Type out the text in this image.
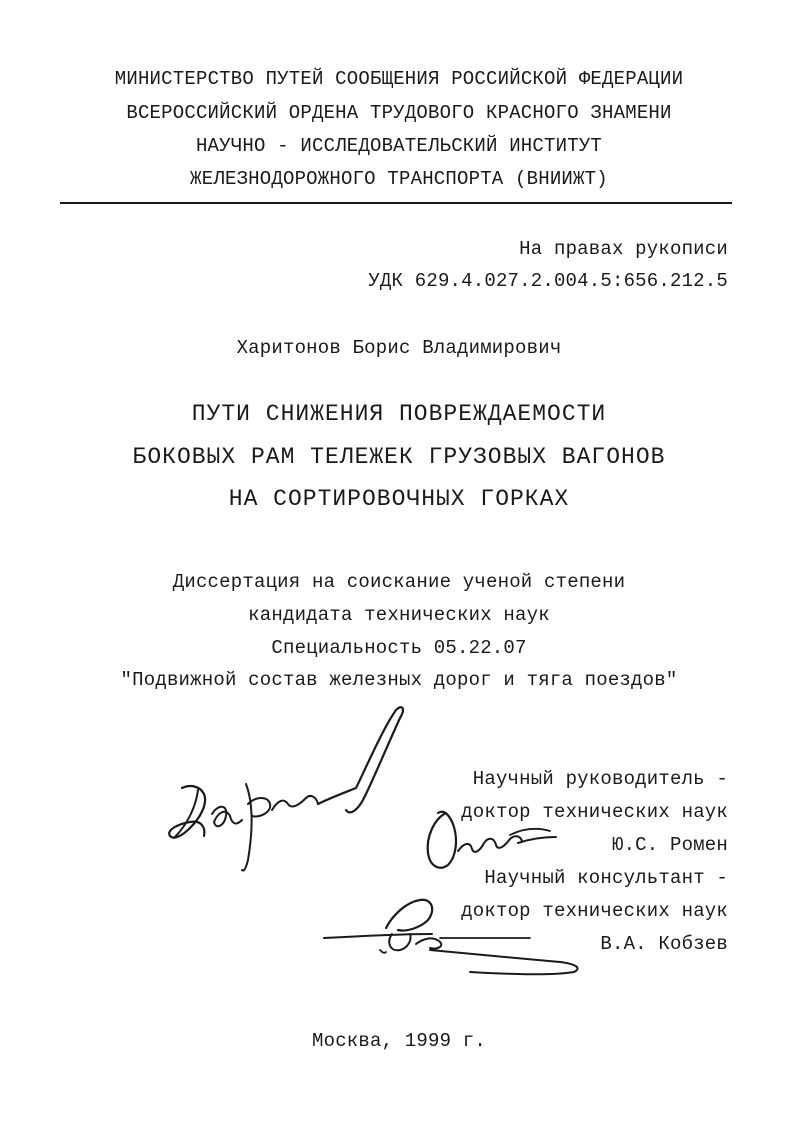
МИНИСТЕРСТВО ПУТЕЙ СООБЩЕНИЯ РОССИЙСКОЙ ФЕДЕРАЦИИ
ВСЕРОССИЙСКИЙ ОРДЕНА ТРУДОВОГО КРАСНОГО ЗНАМЕНИ
НАУЧНО - ИССЛЕДОВАТЕЛЬСКИЙ ИНСТИТУТ
ЖЕЛЕЗНОДОРОЖНОГО ТРАНСПОРТА (ВНИИЖТ)
На правах рукописи
УДК 629.4.027.2.004.5:656.212.5
Харитонов Борис Владимирович
ПУТИ СНИЖЕНИЯ ПОВРЕЖДАЕМОСТИ
БОКОВЫХ РАМ ТЕЛЕЖЕК ГРУЗОВЫХ ВАГОНОВ
НА СОРТИРОВОЧНЫХ ГОРКАХ
Диссертация на соискание ученой степени
кандидата технических наук
Специальность 05.22.07
"Подвижной состав железных дорог и тяга поездов"
Научный руководитель -
доктор технических наук
Ю.С. Ромен
Научный консультант -
доктор технических наук
В.А. Кобзев
Москва, 1999 г.
